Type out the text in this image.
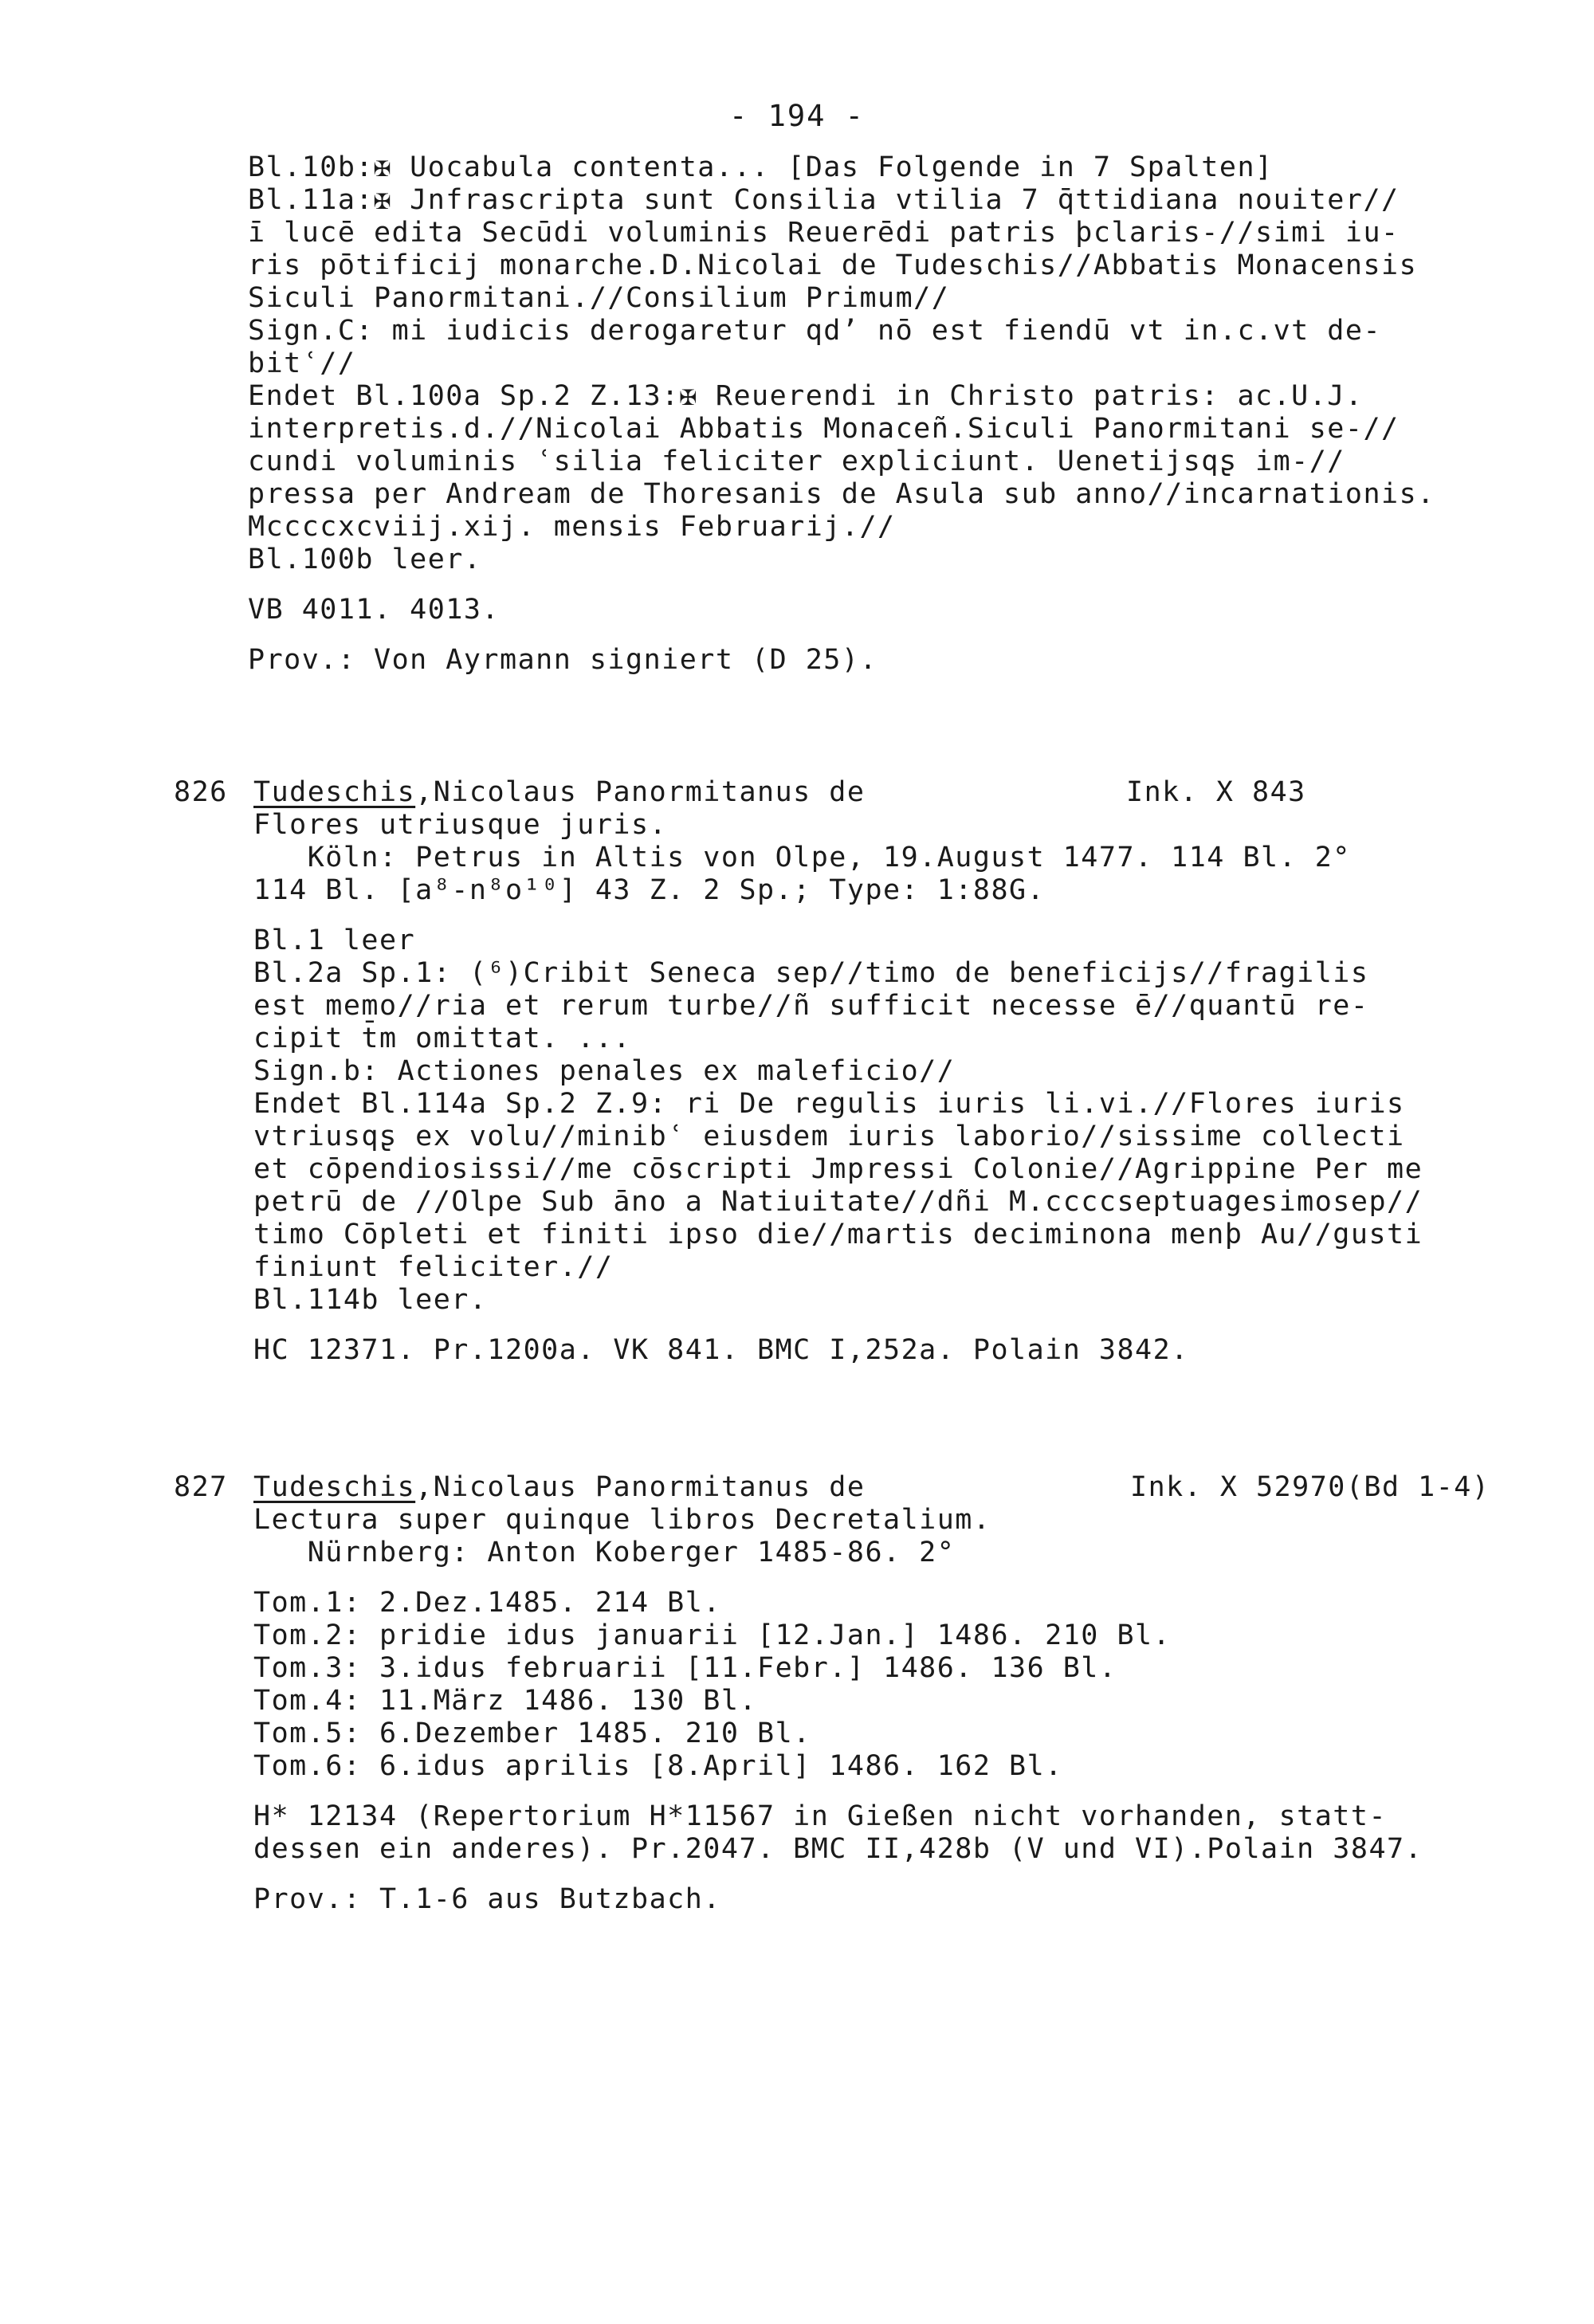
- 194 -
Bl.10b:✠ Uocabula contenta... [Das Folgende in 7 Spalten]
Bl.11a:✠ Jnfrascripta sunt Consilia vtilia 7 q̄ttidiana nouiter//
ī lucē edita Secūdi voluminis Reuerēdi patris þclaris-//simi iu-
ris pōtificij monarche.D.Nicolai de Tudeschis//Abbatis Monacensis
Siculi Panormitani.//Consilium Primum//
Sign.C: mi iudicis derogaretur qd’ nō est fiendū vt in.c.vt de-
bitʿ//
Endet Bl.100a Sp.2 Z.13:✠ Reuerendi in Christo patris: ac.U.J.
interpretis.d.//Nicolai Abbatis Monaceñ.Siculi Panormitani se-//
cundi voluminis ʿsilia feliciter expliciunt. Uenetijsqʂ im-//
pressa per Andream de Thoresanis de Asula sub anno//incarnationis.
Mccccxcviij.xij. mensis Februarij.//
Bl.100b leer.
VB 4011. 4013.
Prov.: Von Ayrmann signiert (D 25).
826 Tudeschis,Nicolaus Panormitanus de	Ink. X 843
Flores utriusque juris.
Köln: Petrus in Altis von Olpe, 19.August 1477. 114 Bl. 2°
114 Bl. [a⁸-n⁸o¹⁰] 43 Z. 2 Sp.; Type: 1:88G.
Bl.1 leer
Bl.2a Sp.1: (⁶)Cribit Seneca sep//timo de beneficijs//fragilis
est memo//ria et rerum turbe//ñ sufficit necesse ē//quantū re-
cipit t̄m omittat. ...
Sign.b: Actiones penales ex maleficio//
Endet Bl.114a Sp.2 Z.9: ri De regulis iuris li.vi.//Flores iuris
vtriusqʂ ex volu//minibʿ eiusdem iuris laborio//sissime collecti
et cōpendiosissi//me cōscripti Jmpressi Colonie//Agrippine Per me
petrū de //Olpe Sub āno a Natiuitate//dñi M.ccccseptuagesimosep//
timo Cōpleti et finiti ipso die//martis deciminona menþ Au//gusti
finiunt feliciter.//
Bl.114b leer.
HC 12371. Pr.1200a. VK 841. BMC I,252a. Polain 3842.
827 Tudeschis,Nicolaus Panormitanus de	Ink. X 52970(Bd 1-4)
Lectura super quinque libros Decretalium.
Nürnberg: Anton Koberger 1485-86. 2°
Tom.1: 2.Dez.1485. 214 Bl.
Tom.2: pridie idus januarii [12.Jan.] 1486. 210 Bl.
Tom.3: 3.idus februarii [11.Febr.] 1486. 136 Bl.
Tom.4: 11.März 1486. 130 Bl.
Tom.5: 6.Dezember 1485. 210 Bl.
Tom.6: 6.idus aprilis [8.April] 1486. 162 Bl.
H* 12134 (Repertorium H*11567 in Gießen nicht vorhanden, statt-
dessen ein anderes). Pr.2047. BMC II,428b (V und VI).Polain 3847.
Prov.: T.1-6 aus Butzbach.
